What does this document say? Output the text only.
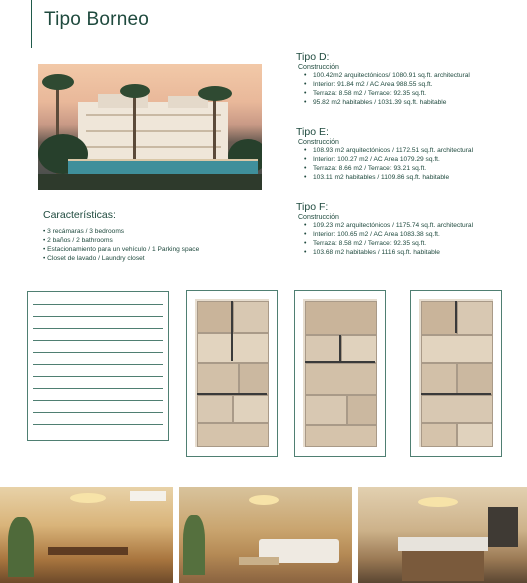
Tipo Borneo
Tipo D:
Construcción
• 100.42m2 arquitectónicos/ 1080.91 sq.ft. architectural
• Interior: 91.84 m2 / AC Area 988.55 sq.ft.
• Terraza: 8.58 m2 / Terrace: 92.35 sq.ft.
• 95.82 m2 habitables / 1031.39 sq.ft. habitable
Tipo E:
Construcción
• 108.93 m2 arquitectónicos / 1172.51 sq.ft. architectural
• Interior: 100.27 m2 / AC Area 1079.29 sq.ft.
• Terraza: 8.66 m2 / Terrace: 93.21 sq.ft.
• 103.11 m2 habitables / 1109.86 sq.ft. habitable
Tipo F:
Construcción
• 109.23 m2 arquitectónicos / 1175.74 sq.ft. architectural
• Interior: 100.65 m2 / AC Area 1083.38 sq.ft.
• Terraza: 8.58 m2 / Terrace: 92.35 sq.ft.
• 103.68 m2 habitables / 1116 sq.ft. habitable
Características:
• 3 recámaras / 3 bedrooms
• 2 baños / 2 bathrooms
• Estacionamiento para un vehículo / 1 Parking space
• Closet de lavado / Laundry closet
